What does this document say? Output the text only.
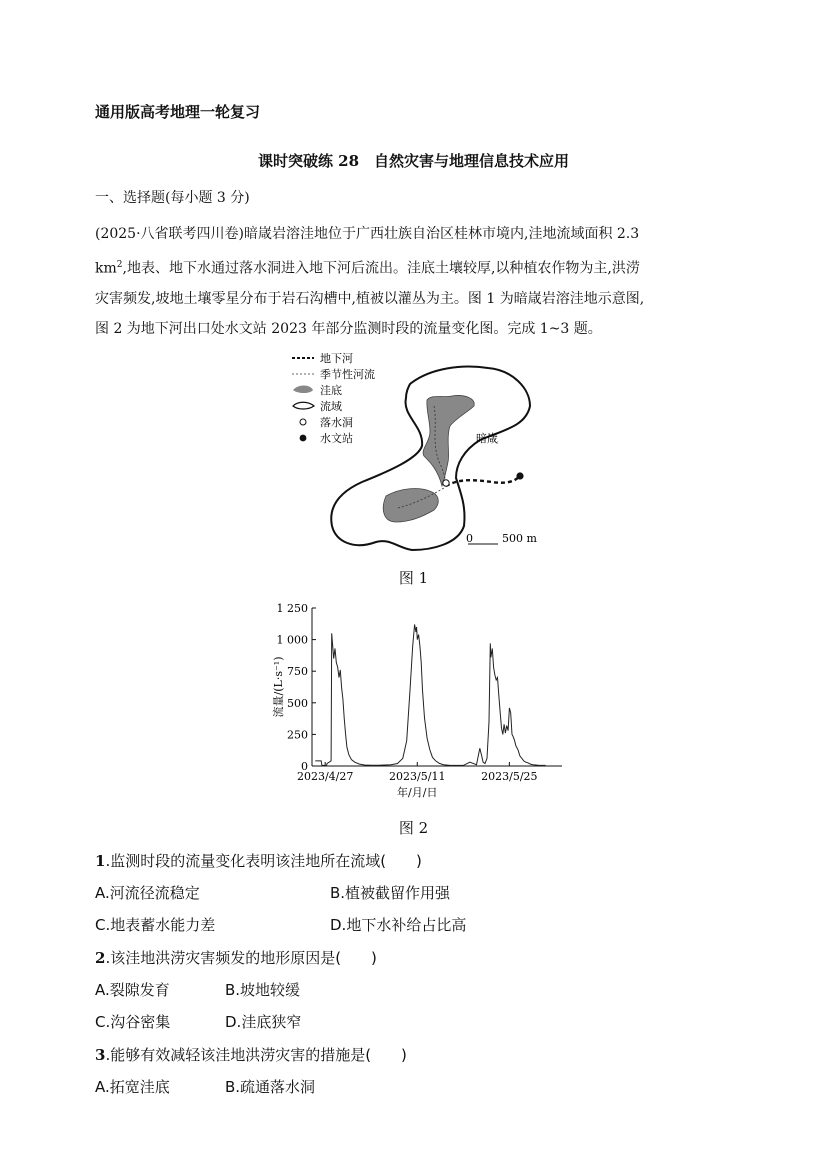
通用版高考地理一轮复习
课时突破练 28　自然灾害与地理信息技术应用
一、选择题(每小题 3 分)
(2025·八省联考四川卷)暗嵅岩溶洼地位于广西壮族自治区桂林市境内,洼地流域面积 2.3
$km^2$,地表、地下水通过落水洞进入地下河后流出。洼底土壤较厚,以种植农作物为主,洪涝
灾害频发,坡地土壤零星分布于岩石沟槽中,植被以灌丛为主。图 1 为暗嵅岩溶洼地示意图,
图 2 为地下河出口处水文站 2023 年部分监测时段的流量变化图。完成 1~3 题。
暗嵅
地下河
季节性河流
洼底
流域
落水洞
水文站
0	500 m
图 1
0
250
500
750
1 000
1 250
2023/4/27	2023/5/11	2023/5/25
流量/(L·s⁻¹)
年/月/日
图 2
1.监测时段的流量变化表明该洼地所在流域(　　)
A.河流径流稳定	B.植被截留作用强
C.地表蓄水能力差	D.地下水补给占比高
2.该洼地洪涝灾害频发的地形原因是(　　)
A.裂隙发育	B.坡地较缓
C.沟谷密集	D.洼底狭窄
3.能够有效减轻该洼地洪涝灾害的措施是(　　)
A.拓宽洼底	B.疏通落水洞
